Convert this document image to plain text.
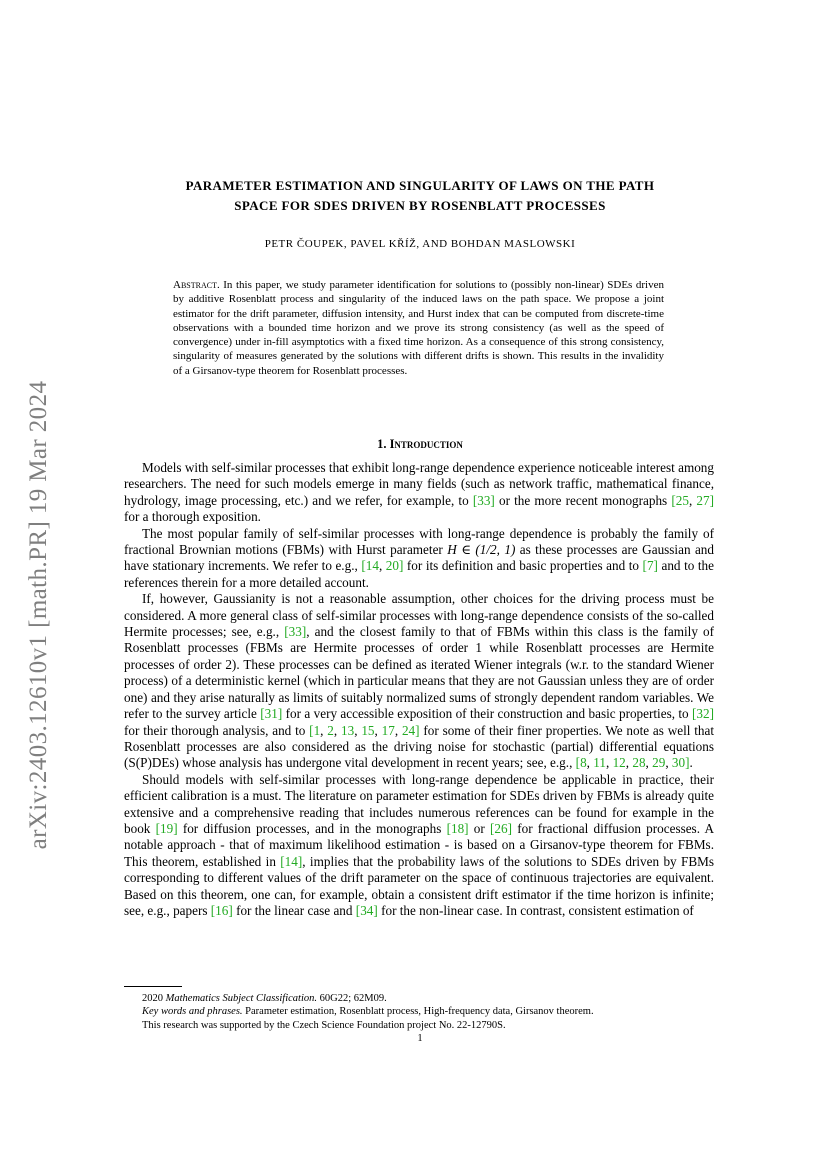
arXiv:2403.12610v1 [math.PR] 19 Mar 2024
PARAMETER ESTIMATION AND SINGULARITY OF LAWS ON THE PATH
SPACE FOR SDES DRIVEN BY ROSENBLATT PROCESSES
PETR ČOUPEK, PAVEL KŘÍŽ, AND BOHDAN MASLOWSKI

Abstract. In this paper, we study parameter identification for solutions to (possibly non-linear) SDEs driven by additive Rosenblatt process and singularity of the induced laws on the path space. We propose a joint estimator for the drift parameter, diffusion intensity, and Hurst index that can be computed from discrete-time observations with a bounded time horizon and we prove its strong consistency (as well as the speed of convergence) under in-fill asymptotics with a fixed time horizon. As a consequence of this strong consistency, singularity of measures generated by the solutions with different drifts is shown. This results in the invalidity of a Girsanov-type theorem for Rosenblatt processes.

1. Introduction

Models with self-similar processes that exhibit long-range dependence experience noticeable interest among researchers. The need for such models emerge in many fields (such as network traffic, mathematical finance, hydrology, image processing, etc.) and we refer, for example, to [33] or the more recent monographs [25, 27] for a thorough exposition.

The most popular family of self-similar processes with long-range dependence is probably the family of fractional Brownian motions (FBMs) with Hurst parameter H ∈ (1/2, 1) as these processes are Gaussian and have stationary increments. We refer to e.g., [14, 20] for its definition and basic properties and to [7] and to the references therein for a more detailed account.

If, however, Gaussianity is not a reasonable assumption, other choices for the driving process must be considered. A more general class of self-similar processes with long-range dependence consists of the so-called Hermite processes; see, e.g., [33], and the closest family to that of FBMs within this class is the family of Rosenblatt processes (FBMs are Hermite processes of order 1 while Rosenblatt processes are Hermite processes of order 2). These processes can be defined as iterated Wiener integrals (w.r. to the standard Wiener process) of a deterministic kernel (which in particular means that they are not Gaussian unless they are of order one) and they arise naturally as limits of suitably normalized sums of strongly dependent random variables. We refer to the survey article [31] for a very accessible exposition of their construction and basic properties, to [32] for their thorough analysis, and to [1, 2, 13, 15, 17, 24] for some of their finer properties. We note as well that Rosenblatt processes are also considered as the driving noise for stochastic (partial) differential equations (S(P)DEs) whose analysis has undergone vital development in recent years; see, e.g., [8, 11, 12, 28, 29, 30].

Should models with self-similar processes with long-range dependence be applicable in practice, their efficient calibration is a must. The literature on parameter estimation for SDEs driven by FBMs is already quite extensive and a comprehensive reading that includes numerous references can be found for example in the book [19] for diffusion processes, and in the monographs [18] or [26] for fractional diffusion processes. A notable approach - that of maximum likelihood estimation - is based on a Girsanov-type theorem for FBMs. This theorem, established in [14], implies that the probability laws of the solutions to SDEs driven by FBMs corresponding to different values of the drift parameter on the space of continuous trajectories are equivalent. Based on this theorem, one can, for example, obtain a consistent drift estimator if the time horizon is infinite; see, e.g., papers [16] for the linear case and [34] for the non-linear case. In contrast, consistent estimation of

2020 Mathematics Subject Classification. 60G22; 62M09.
Key words and phrases. Parameter estimation, Rosenblatt process, High-frequency data, Girsanov theorem.
This research was supported by the Czech Science Foundation project No. 22-12790S.
1
